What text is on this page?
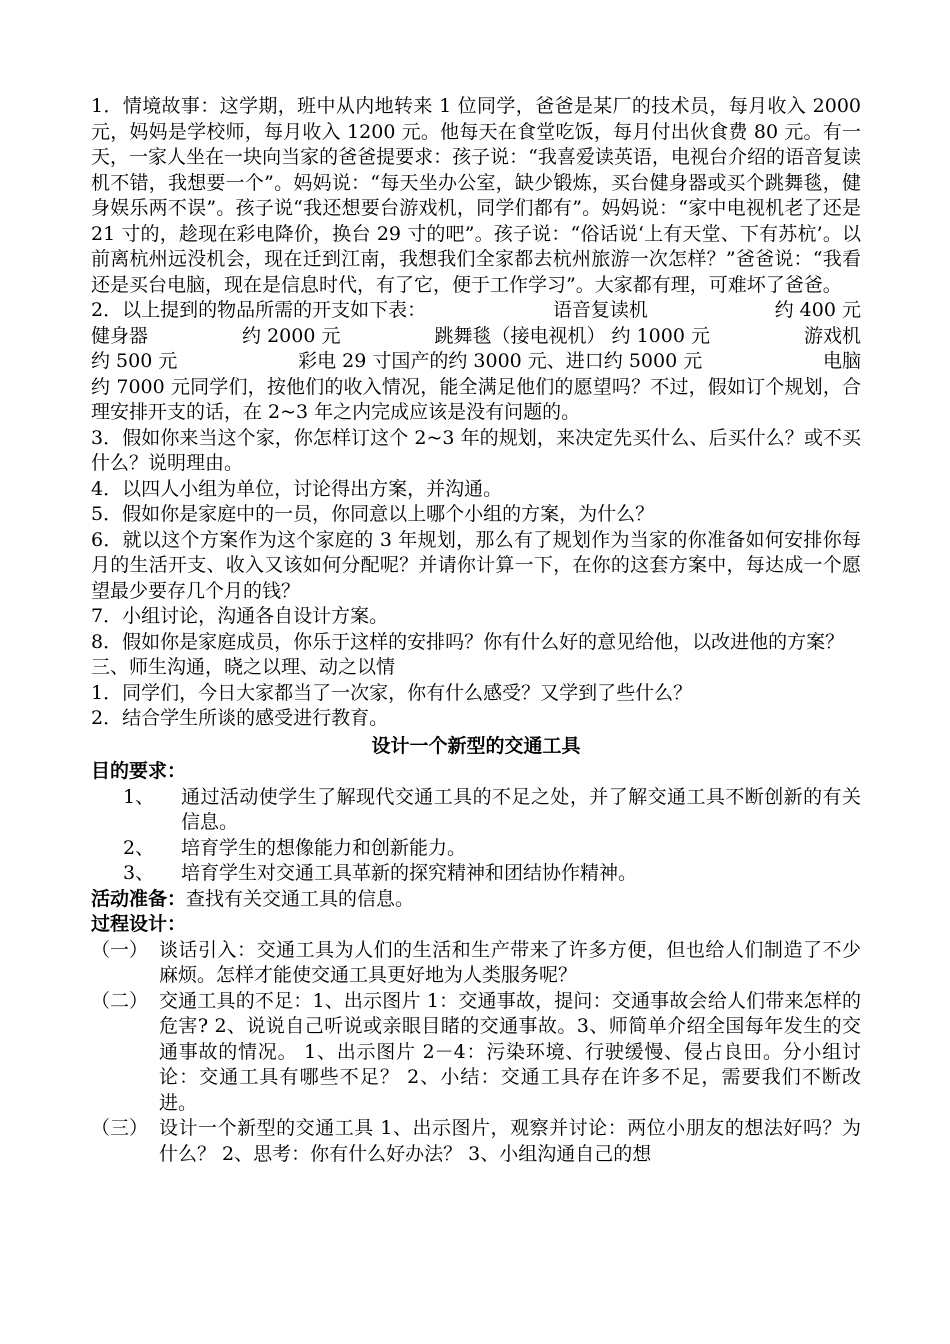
1．情境故事：这学期，班中从内地转来 1 位同学，爸爸是某厂的技术员，每月收入 2000 元，妈妈是学校师，每月收入 1200 元。他每天在食堂吃饭，每月付出伙食费 80 元。有一天，一家人坐在一块向当家的爸爸提要求：孩子说：“我喜爱读英语，电视台介绍的语音复读机不错，我想要一个”。妈妈说：“每天坐办公室，缺少锻炼，买台健身器或买个跳舞毯，健身娱乐两不误”。孩子说“我还想要台游戏机，同学们都有”。妈妈说：“家中电视机老了还是 21 寸的，趁现在彩电降价，换台 29 寸的吧”。孩子说：“俗话说‘上有天堂、下有苏杭’。以前离杭州远没机会，现在迁到江南，我想我们全家都去杭州旅游一次怎样？”爸爸说：“我看还是买台电脑，现在是信息时代，有了它，便于工作学习”。大家都有理，可难坏了爸爸。

2．以上提到的物品所需的开支如下表：	语音复读机	约 400 元
健身器	约 2000 元	跳舞毯（接电视机） 约 1000 元	游戏机
约 500 元	彩电 29 寸国产的约 3000 元、进口约 5000 元	电脑

约 7000 元同学们，按他们的收入情况，能全满足他们的愿望吗？不过，假如订个规划，合理安排开支的话，在 2~3 年之内完成应该是没有问题的。

3．假如你来当这个家，你怎样订这个 2~3 年的规划，来决定先买什么、后买什么？或不买什么？说明理由。

4．以四人小组为单位，讨论得出方案，并沟通。

5．假如你是家庭中的一员，你同意以上哪个小组的方案，为什么？

6．就以这个方案作为这个家庭的 3 年规划，那么有了规划作为当家的你准备如何安排你每月的生活开支、收入又该如何分配呢？并请你计算一下，在你的这套方案中，每达成一个愿望最少要存几个月的钱？

7．小组讨论，沟通各自设计方案。

8．假如你是家庭成员，你乐于这样的安排吗？你有什么好的意见给他，以改进他的方案？

三、师生沟通，晓之以理、动之以情

1．同学们，今日大家都当了一次家，你有什么感受？又学到了些什么？

2．结合学生所谈的感受进行教育。

设计一个新型的交通工具

目的要求：

1、	通过活动使学生了解现代交通工具的不足之处，并了解交通工具不断创新的有关信息。
2、	培育学生的想像能力和创新能力。
3、	培育学生对交通工具革新的探究精神和团结协作精神。

活动准备：查找有关交通工具的信息。

过程设计：

（一） 谈话引入：交通工具为人们的生活和生产带来了许多方便，但也给人们制造了不少麻烦。怎样才能使交通工具更好地为人类服务呢？
（二） 交通工具的不足：1、出示图片 1：交通事故，提问：交通事故会给人们带来怎样的危害? 2、说说自己听说或亲眼目睹的交通事故。3、师简单介绍全国每年发生的交通事故的情况。 1、出示图片 2－4：污染环境、行驶缓慢、侵占良田。分小组讨论：交通工具有哪些不足？ 2、小结：交通工具存在许多不足，需要我们不断改进。
（三） 设计一个新型的交通工具 1、出示图片，观察并讨论：两位小朋友的想法好吗？为什么？ 2、思考：你有什么好办法？ 3、小组沟通自己的想
